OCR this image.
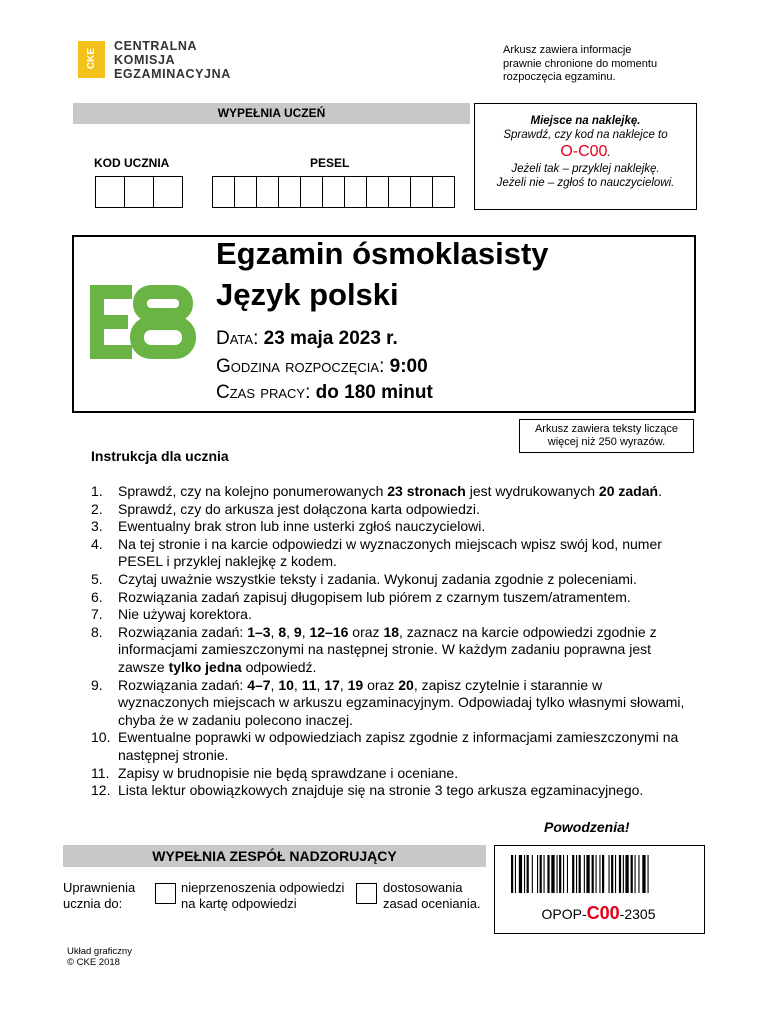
CKE
CENTRALNA
KOMISJA
EGZAMINACYJNA
Arkusz zawiera informacje
prawnie chronione do momentu
rozpoczęcia egzaminu.
WYPEŁNIA UCZEŃ
KOD UCZNIA	PESEL
Miejsce na naklejkę.
Sprawdź, czy kod na naklejce to
O-C00.
Jeżeli tak – przyklej naklejkę.
Jeżeli nie – zgłoś to nauczycielowi.
Egzamin ósmoklasisty
Język polski
Data: 23 maja 2023 r.
Godzina rozpoczęcia: 9:00
Czas pracy: do 180 minut
Arkusz zawiera teksty liczące
więcej niż 250 wyrazów.
Instrukcja dla ucznia
1.	Sprawdź, czy na kolejno ponumerowanych 23 stronach jest wydrukowanych 20 zadań.
2.	Sprawdź, czy do arkusza jest dołączona karta odpowiedzi.
3.	Ewentualny brak stron lub inne usterki zgłoś nauczycielowi.
4.	Na tej stronie i na karcie odpowiedzi w wyznaczonych miejscach wpisz swój kod, numer PESEL i przyklej naklejkę z kodem.
5.	Czytaj uważnie wszystkie teksty i zadania. Wykonuj zadania zgodnie z poleceniami.
6.	Rozwiązania zadań zapisuj długopisem lub piórem z czarnym tuszem/atramentem.
7.	Nie używaj korektora.
8.	Rozwiązania zadań: 1–3, 8, 9, 12–16 oraz 18, zaznacz na karcie odpowiedzi zgodnie z informacjami zamieszczonymi na następnej stronie. W każdym zadaniu poprawna jest zawsze tylko jedna odpowiedź.
9.	Rozwiązania zadań: 4–7, 10, 11, 17, 19 oraz 20, zapisz czytelnie i starannie w wyznaczonych miejscach w arkuszu egzaminacyjnym. Odpowiadaj tylko własnymi słowami, chyba że w zadaniu polecono inaczej.
10. Ewentualne poprawki w odpowiedziach zapisz zgodnie z informacjami zamieszczonymi na następnej stronie.
11. Zapisy w brudnopisie nie będą sprawdzane i oceniane.
12. Lista lektur obowiązkowych znajduje się na stronie 3 tego arkusza egzaminacyjnego.
Powodzenia!
WYPEŁNIA ZESPÓŁ NADZORUJĄCY
Uprawnienia
ucznia do:
nieprzenoszenia odpowiedzi
na kartę odpowiedzi
dostosowania
zasad oceniania.
OPOP-C00-2305
Układ graficzny
© CKE 2018
